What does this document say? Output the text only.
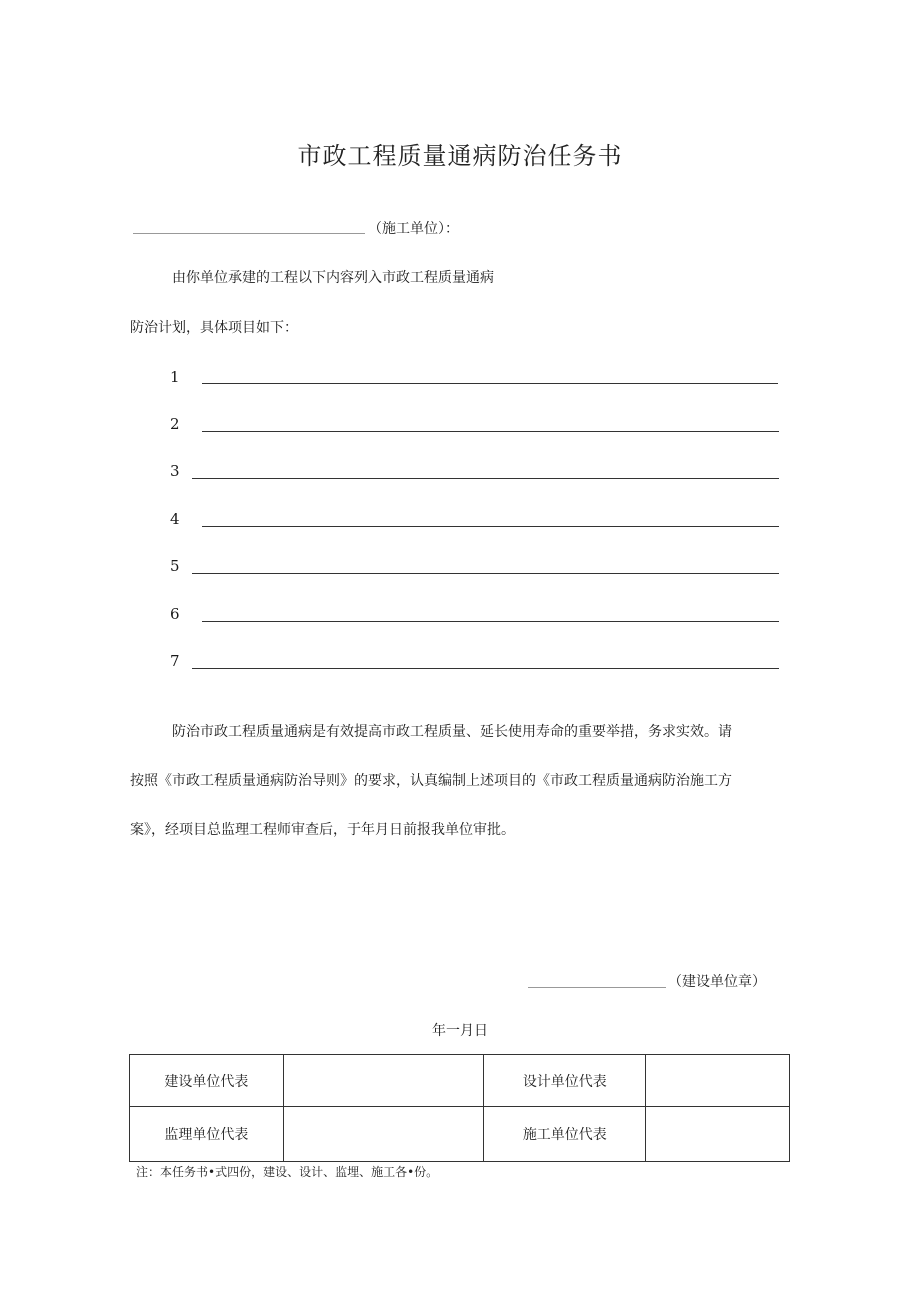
市政工程质量通病防治任务书
（施工单位）：
由你单位承建的工程以下内容列入市政工程质量通病
防治计划，具体项目如下：
1
2
3
4
5
6
7
防治市政工程质量通病是有效提高市政工程质量、延长使用寿命的重要举措，务求实效。请
按照《市政工程质量通病防治导则》的要求，认真编制上述项目的《市政工程质量通病防治施工方
案》，经项目总监理工程师审查后，于年月日前报我单位审批。
（建设单位章）
年一月日
建设单位代表		设计单位代表	
监理单位代表		施工单位代表	
注：本任务书•式四份，建设、设计、监埋、施工各•份。
